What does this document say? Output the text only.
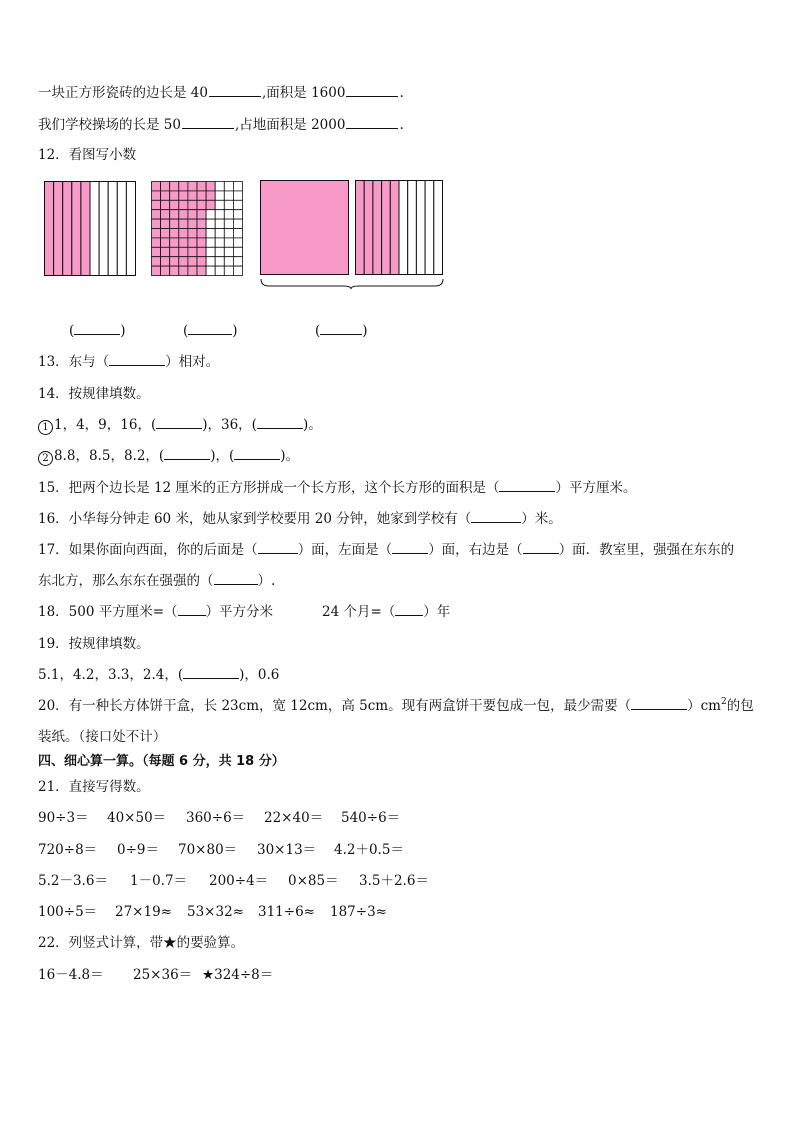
一块正方形瓷砖的边长是 40	,面积是 1600	.
我们学校操场的长是 50	,占地面积是 2000	.
12．看图写小数
(	)	(	)	(	)
13．东与（	）相对。
14．按规律填数。
1 1，4，9，16，(	)，36，(	)。
2 8.8，8.5，8.2，(	)，(	)。
15．把两个边长是 12 厘米的正方形拼成一个长方形，这个长方形的面积是（	）平方厘米。
16．小华每分钟走 60 米，她从家到学校要用 20 分钟，她家到学校有（	）米。
17．如果你面向西面，你的后面是（	）面，左面是（	）面，右边是（	）面．教室里，强强在东东的
东北方，那么东东在强强的（	）.
18．500 平方厘米=（ ）平方分米	24 个月=（ ）年
19．按规律填数。
5.1，4.2，3.3，2.4，(	)，0.6
20．有一种长方体饼干盒，长 23cm，宽 12cm，高 5cm。现有两盒饼干要包成一包，最少需要（	）$cm^2$的包
装纸。（接口处不计）
四、细心算一算。（每题 6 分，共 18 分）
21．直接写得数。
90÷3＝ 40×50＝ 360÷6＝ 22×40＝ 540÷6＝
720÷8＝ 0÷9＝ 70×80＝ 30×13＝ 4.2＋0.5＝
5.2－3.6＝ 1－0.7＝ 200÷4＝ 0×85＝ 3.5＋2.6＝
100÷5＝ 27×19≈ 53×32≈ 311÷6≈ 187÷3≈
22．列竖式计算，带★的要验算。
16－4.8＝ 25×36＝ ★324÷8＝
